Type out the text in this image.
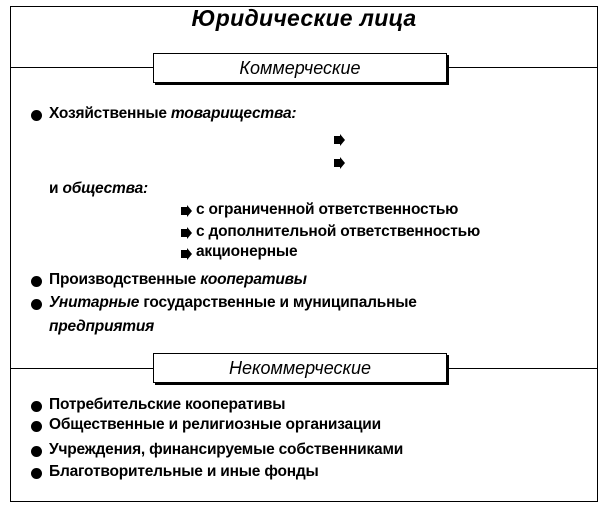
Юридические лица
Коммерческие
Хозяйственные товарищества:
и общества:
с ограниченной ответственностью
с дополнительной ответственностью
акционерные
Производственные кооперативы
Унитарные государственные и муниципальные
предприятия
Некоммерческие
Потребительские кооперативы
Общественные и религиозные организации
Учреждения, финансируемые собственниками
Благотворительные и иные фонды
